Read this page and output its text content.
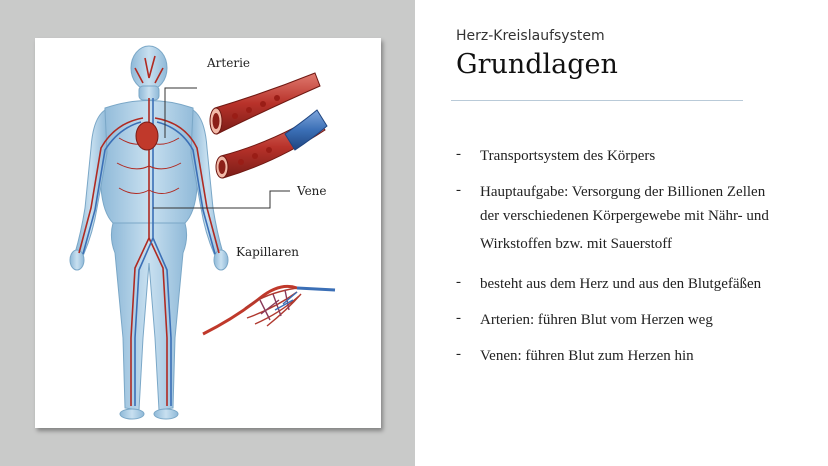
Arterie
Vene
Kapillaren
Herz-Kreislaufsystem
Grundlagen
- Transportsystem des Körpers
- Hauptaufgabe: Versorgung der Billionen Zellen
der verschiedenen Körpergewebe mit Nähr- und
Wirkstoffen bzw. mit Sauerstoff
- besteht aus dem Herz und aus den Blutgefäßen
- Arterien: führen Blut vom Herzen weg
- Venen: führen Blut zum Herzen hin
